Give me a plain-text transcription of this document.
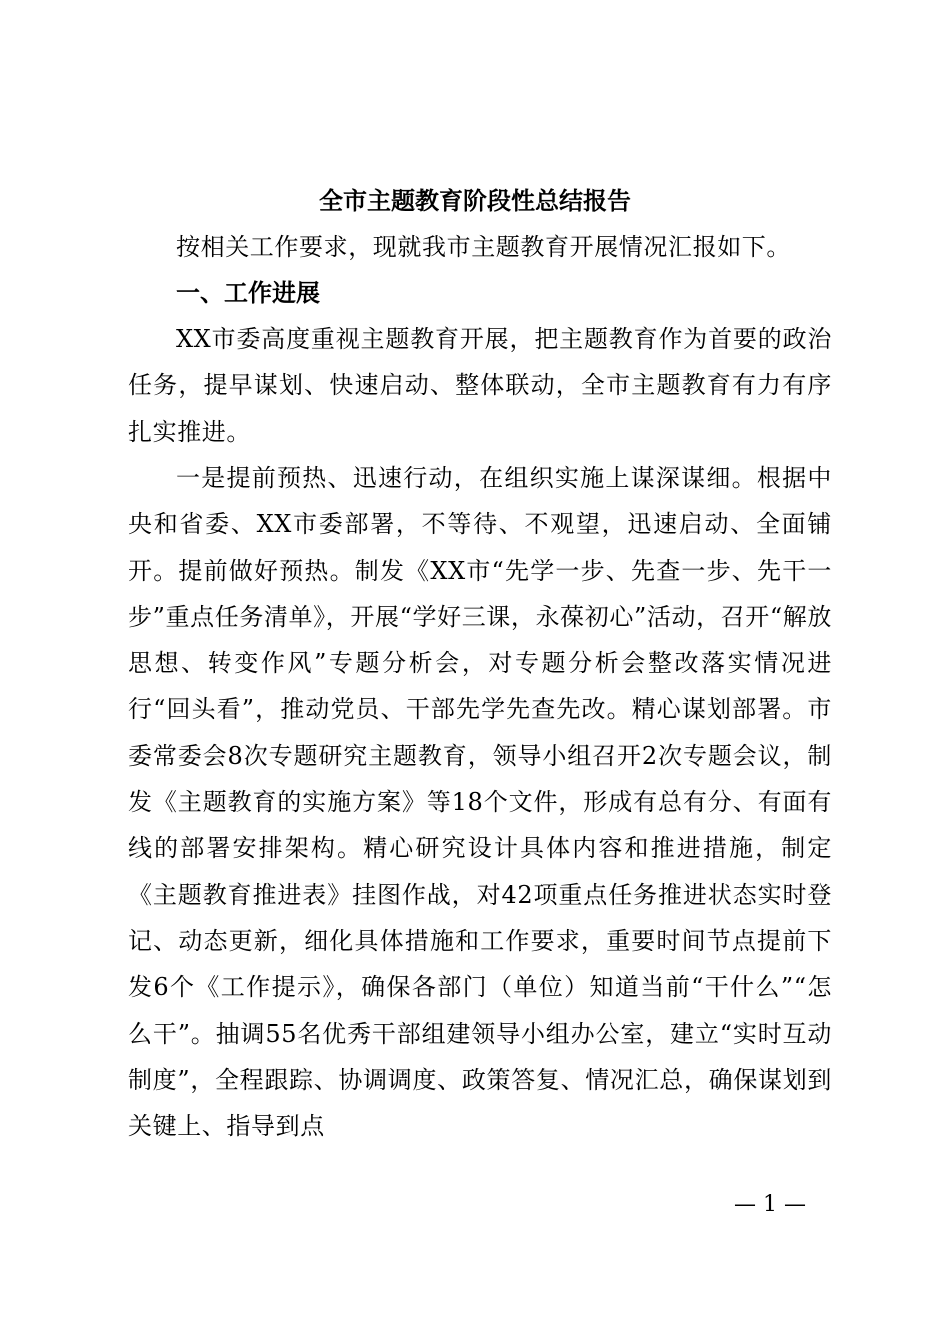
全市主题教育阶段性总结报告
按相关工作要求，现就我市主题教育开展情况汇报如下。
一、工作进展
XX市委高度重视主题教育开展，把主题教育作为首要的政治任务，提早谋划、快速启动、整体联动，全市主题教育有力有序扎实推进。
一是提前预热、迅速行动，在组织实施上谋深谋细。根据中央和省委、XX市委部署，不等待、不观望，迅速启动、全面铺开。提前做好预热。制发《XX市“先学一步、先查一步、先干一步”重点任务清单》，开展“学好三课，永葆初心”活动，召开“解放思想、转变作风”专题分析会，对专题分析会整改落实情况进行“回头看”，推动党员、干部先学先查先改。精心谋划部署。市委常委会8次专题研究主题教育，领导小组召开2次专题会议，制发《主题教育的实施方案》等18个文件，形成有总有分、有面有线的部署安排架构。精心研究设计具体内容和推进措施，制定《主题教育推进表》挂图作战，对42项重点任务推进状态实时登记、动态更新，细化具体措施和工作要求，重要时间节点提前下发6个《工作提示》，确保各部门（单位）知道当前“干什么”“怎么干”。抽调55名优秀干部组建领导小组办公室，建立“实时互动制度”，全程跟踪、协调调度、政策答复、情况汇总，确保谋划到关键上、指导到点
— 1 —
